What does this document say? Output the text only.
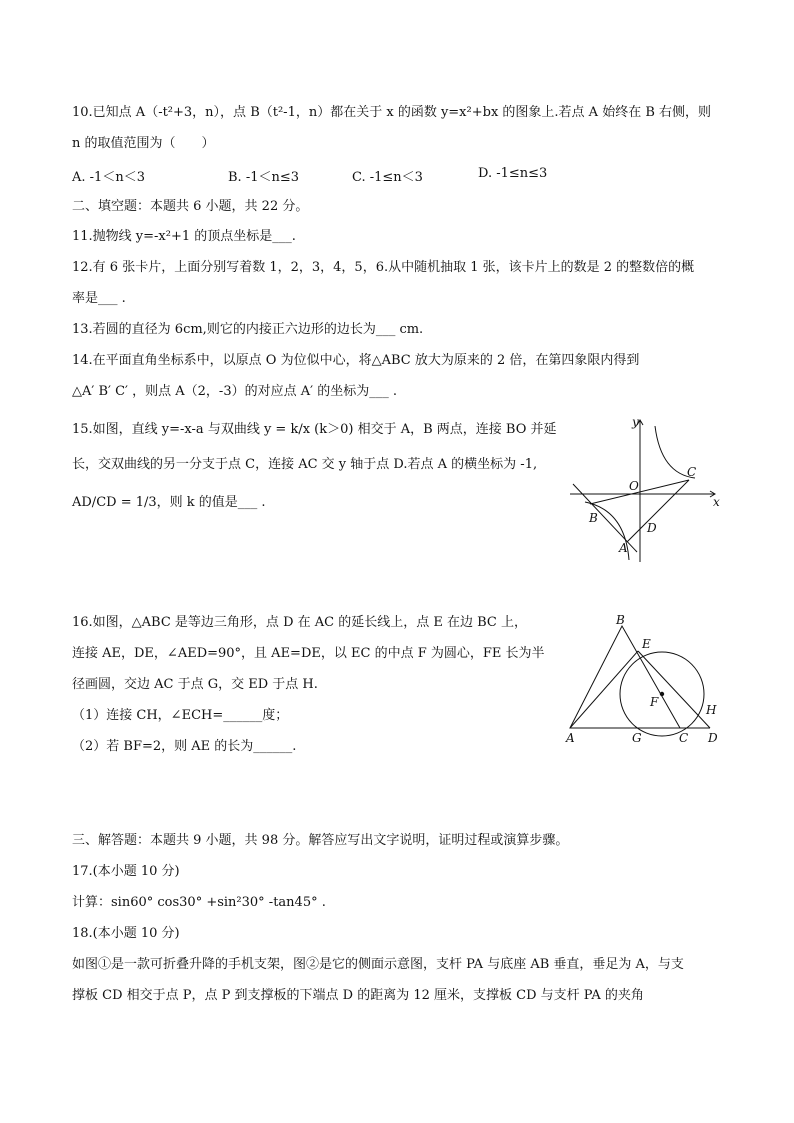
10.已知点 A（-t²+3，n），点 B（t²-1，n）都在关于 x 的函数 y=x²+bx 的图象上.若点 A 始终在 B 右侧，则
n 的取值范围为（　　）
A. -1＜n＜3	B. -1＜n≤3	C. -1≤n＜3	D. -1≤n≤3
二、填空题：本题共 6 小题，共 22 分。
11.抛物线 y=-x²+1 的顶点坐标是___.
12.有 6 张卡片，上面分别写着数 1，2，3，4，5，6.从中随机抽取 1 张，该卡片上的数是 2 的整数倍的概
率是___ .
13.若圆的直径为 6cm,则它的内接正六边形的边长为___ cm.
14.在平面直角坐标系中，以原点 O 为位似中心，将△ABC 放大为原来的 2 倍，在第四象限内得到
△A′ B′ C′ ，则点 A（2，-3）的对应点 A′ 的坐标为___ .
15.如图，直线 y=-x-a 与双曲线 y = k/x (k＞0) 相交于 A，B 两点，连接 BO 并延
长，交双曲线的另一分支于点 C，连接 AC 交 y 轴于点 D.若点 A 的横坐标为 -1,
AD/CD = 1/3，则 k 的值是___ .
y
x
O
C
B
D
A
16.如图，△ABC 是等边三角形，点 D 在 AC 的延长线上，点 E 在边 BC 上，
连接 AE，DE，∠AED=90°，且 AE=DE，以 EC 的中点 F 为圆心，FE 长为半
径画圆，交边 AC 于点 G，交 ED 于点 H.
（1）连接 CH，∠ECH=______度；
（2）若 BF=2，则 AE 的长为______.
B
E
F
H
A	G	C D
三、解答题：本题共 9 小题，共 98 分。解答应写出文字说明，证明过程或演算步骤。
17.(本小题 10 分)
计算：sin60° cos30° +sin²30° -tan45° .
18.(本小题 10 分)
如图①是一款可折叠升降的手机支架，图②是它的侧面示意图，支杆 PA 与底座 AB 垂直，垂足为 A，与支
撑板 CD 相交于点 P，点 P 到支撑板的下端点 D 的距离为 12 厘米，支撑板 CD 与支杆 PA 的夹角
